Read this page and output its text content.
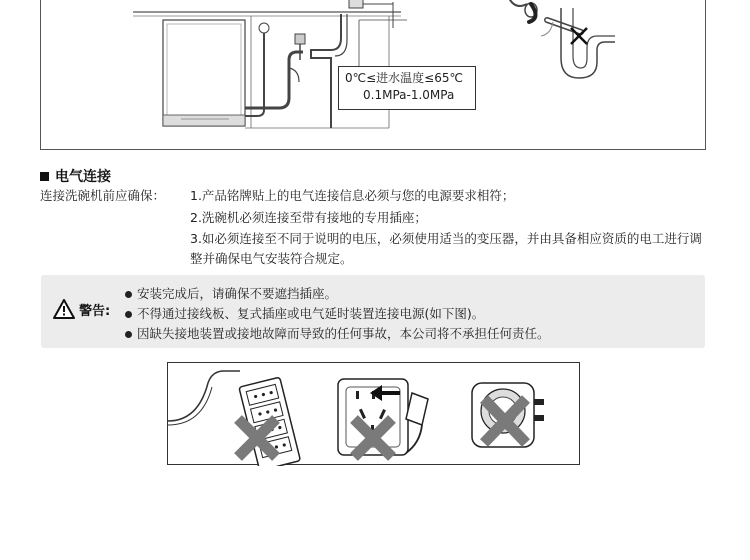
0℃≤进水温度≤65℃
0.1MPa-1.0MPa
电气连接
连接洗碗机前应确保： 1.产品铭牌贴上的电气连接信息必须与您的电源要求相符；
2.洗碗机必须连接至带有接地的专用插座；
3.如必须连接至不同于说明的电压，必须使用适当的变压器，并由具备相应资质的电工进行调整并确保电气安装符合规定。
警告:
安装完成后，请确保不要遮挡插座。
不得通过接线板、复式插座或电气延时装置连接电源(如下图)。
因缺失接地装置或接地故障而导致的任何事故，本公司将不承担任何责任。
